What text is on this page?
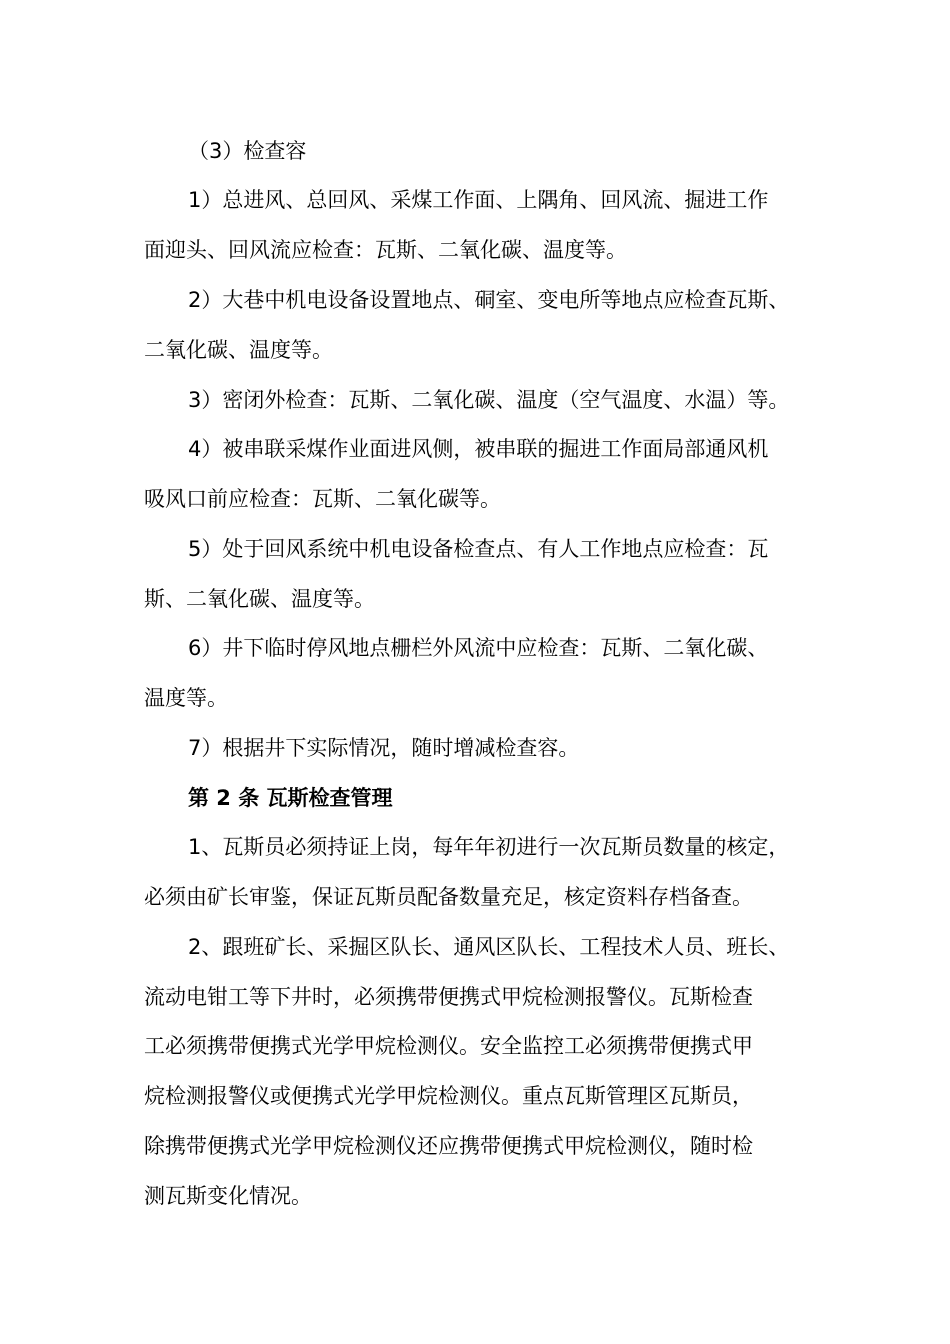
（3）检查容

1）总进风、总回风、采煤工作面、上隅角、回风流、掘进工作

面迎头、回风流应检查：瓦斯、二氧化碳、温度等。

2）大巷中机电设备设置地点、硐室、变电所等地点应检查瓦斯、

二氧化碳、温度等。

3）密闭外检查：瓦斯、二氧化碳、温度（空气温度、水温）等。

4）被串联采煤作业面进风侧，被串联的掘进工作面局部通风机

吸风口前应检查：瓦斯、二氧化碳等。

5）处于回风系统中机电设备检查点、有人工作地点应检查：瓦

斯、二氧化碳、温度等。

6）井下临时停风地点栅栏外风流中应检查：瓦斯、二氧化碳、

温度等。

7）根据井下实际情况，随时增减检查容。

第 2 条 瓦斯检查管理

1、瓦斯员必须持证上岗，每年年初进行一次瓦斯员数量的核定，

必须由矿长审鉴，保证瓦斯员配备数量充足，核定资料存档备查。

2、跟班矿长、采掘区队长、通风区队长、工程技术人员、班长、

流动电钳工等下井时，必须携带便携式甲烷检测报警仪。瓦斯检查

工必须携带便携式光学甲烷检测仪。安全监控工必须携带便携式甲

烷检测报警仪或便携式光学甲烷检测仪。重点瓦斯管理区瓦斯员，

除携带便携式光学甲烷检测仪还应携带便携式甲烷检测仪，随时检

测瓦斯变化情况。
